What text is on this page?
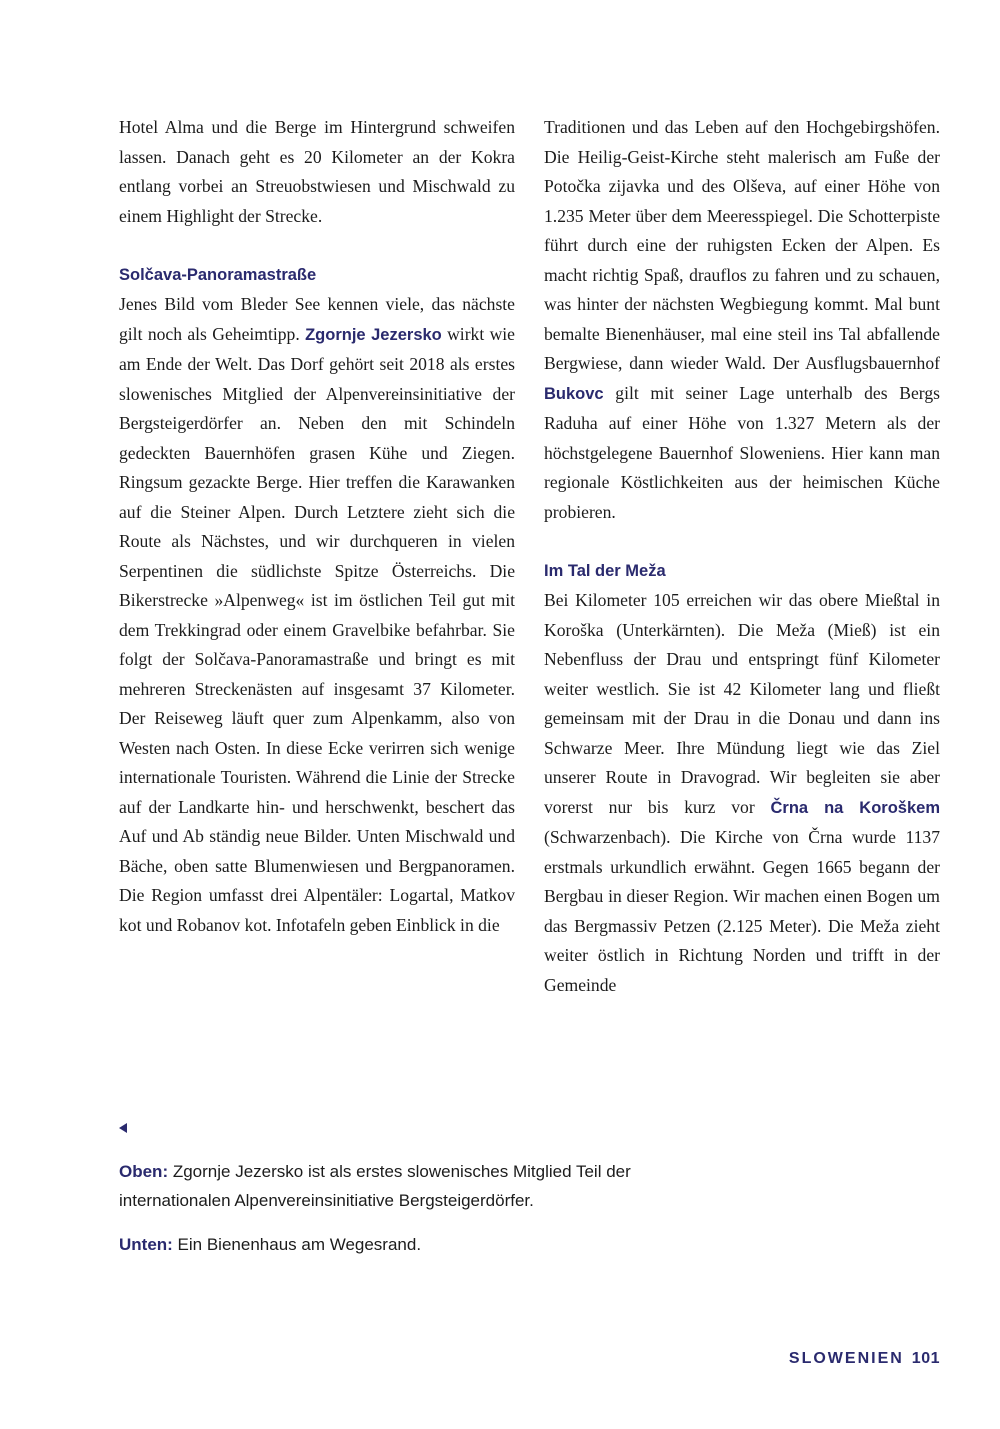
Hotel Alma und die Berge im Hintergrund schweifen lassen. Danach geht es 20 Kilometer an der Kokra entlang vorbei an Streuobstwiesen und Mischwald zu einem Highlight der Strecke.

Solčava-Panoramastraße

Jenes Bild vom Bleder See kennen viele, das nächste gilt noch als Geheimtipp. Zgornje Jezersko wirkt wie am Ende der Welt. Das Dorf gehört seit 2018 als erstes slowenisches Mitglied der Alpenvereinsinitiative der Bergsteigerdörfer an. Neben den mit Schindeln gedeckten Bauernhöfen grasen Kühe und Ziegen. Ringsum gezackte Berge. Hier treffen die Karawanken auf die Steiner Alpen. Durch Letztere zieht sich die Route als Nächstes, und wir durchqueren in vielen Serpentinen die südlichste Spitze Österreichs. Die Bikerstrecke »Alpenweg« ist im östlichen Teil gut mit dem Trekkingrad oder einem Gravelbike befahrbar. Sie folgt der Solčava-Panoramastraße und bringt es mit mehreren Streckenästen auf insgesamt 37 Kilometer. Der Reiseweg läuft quer zum Alpenkamm, also von Westen nach Osten. In diese Ecke verirren sich wenige internationale Touristen. Während die Linie der Strecke auf der Landkarte hin- und herschwenkt, beschert das Auf und Ab ständig neue Bilder. Unten Mischwald und Bäche, oben satte Blumenwiesen und Bergpanoramen. Die Region umfasst drei Alpentäler: Logartal, Matkov kot und Robanov kot. Infotafeln geben Einblick in die

Traditionen und das Leben auf den Hochgebirgshöfen. Die Heilig-Geist-Kirche steht malerisch am Fuße der Potočka zijavka und des Olševa, auf einer Höhe von 1.235 Meter über dem Meeresspiegel. Die Schotterpiste führt durch eine der ruhigsten Ecken der Alpen. Es macht richtig Spaß, drauflos zu fahren und zu schauen, was hinter der nächsten Wegbiegung kommt. Mal bunt bemalte Bienenhäuser, mal eine steil ins Tal abfallende Bergwiese, dann wieder Wald. Der Ausflugsbauernhof Bukovc gilt mit seiner Lage unterhalb des Bergs Raduha auf einer Höhe von 1.327 Metern als der höchstgelegene Bauernhof Sloweniens. Hier kann man regionale Köstlichkeiten aus der heimischen Küche probieren.

Im Tal der Meža

Bei Kilometer 105 erreichen wir das obere Mießtal in Koroška (Unterkärnten). Die Meža (Mieß) ist ein Nebenfluss der Drau und entspringt fünf Kilometer weiter westlich. Sie ist 42 Kilometer lang und fließt gemeinsam mit der Drau in die Donau und dann ins Schwarze Meer. Ihre Mündung liegt wie das Ziel unserer Route in Dravograd. Wir begleiten sie aber vorerst nur bis kurz vor Črna na Koroškem (Schwarzenbach). Die Kirche von Črna wurde 1137 erstmals urkundlich erwähnt. Gegen 1665 begann der Bergbau in dieser Region. Wir machen einen Bogen um das Bergmassiv Petzen (2.125 Meter). Die Meža zieht weiter östlich in Richtung Norden und trifft in der Gemeinde

Oben: Zgornje Jezersko ist als erstes slowenisches Mitglied Teil der internationalen Alpenvereinsinitiative Bergsteigerdörfer.
Unten: Ein Bienenhaus am Wegesrand.
SLOWENIEN 101
